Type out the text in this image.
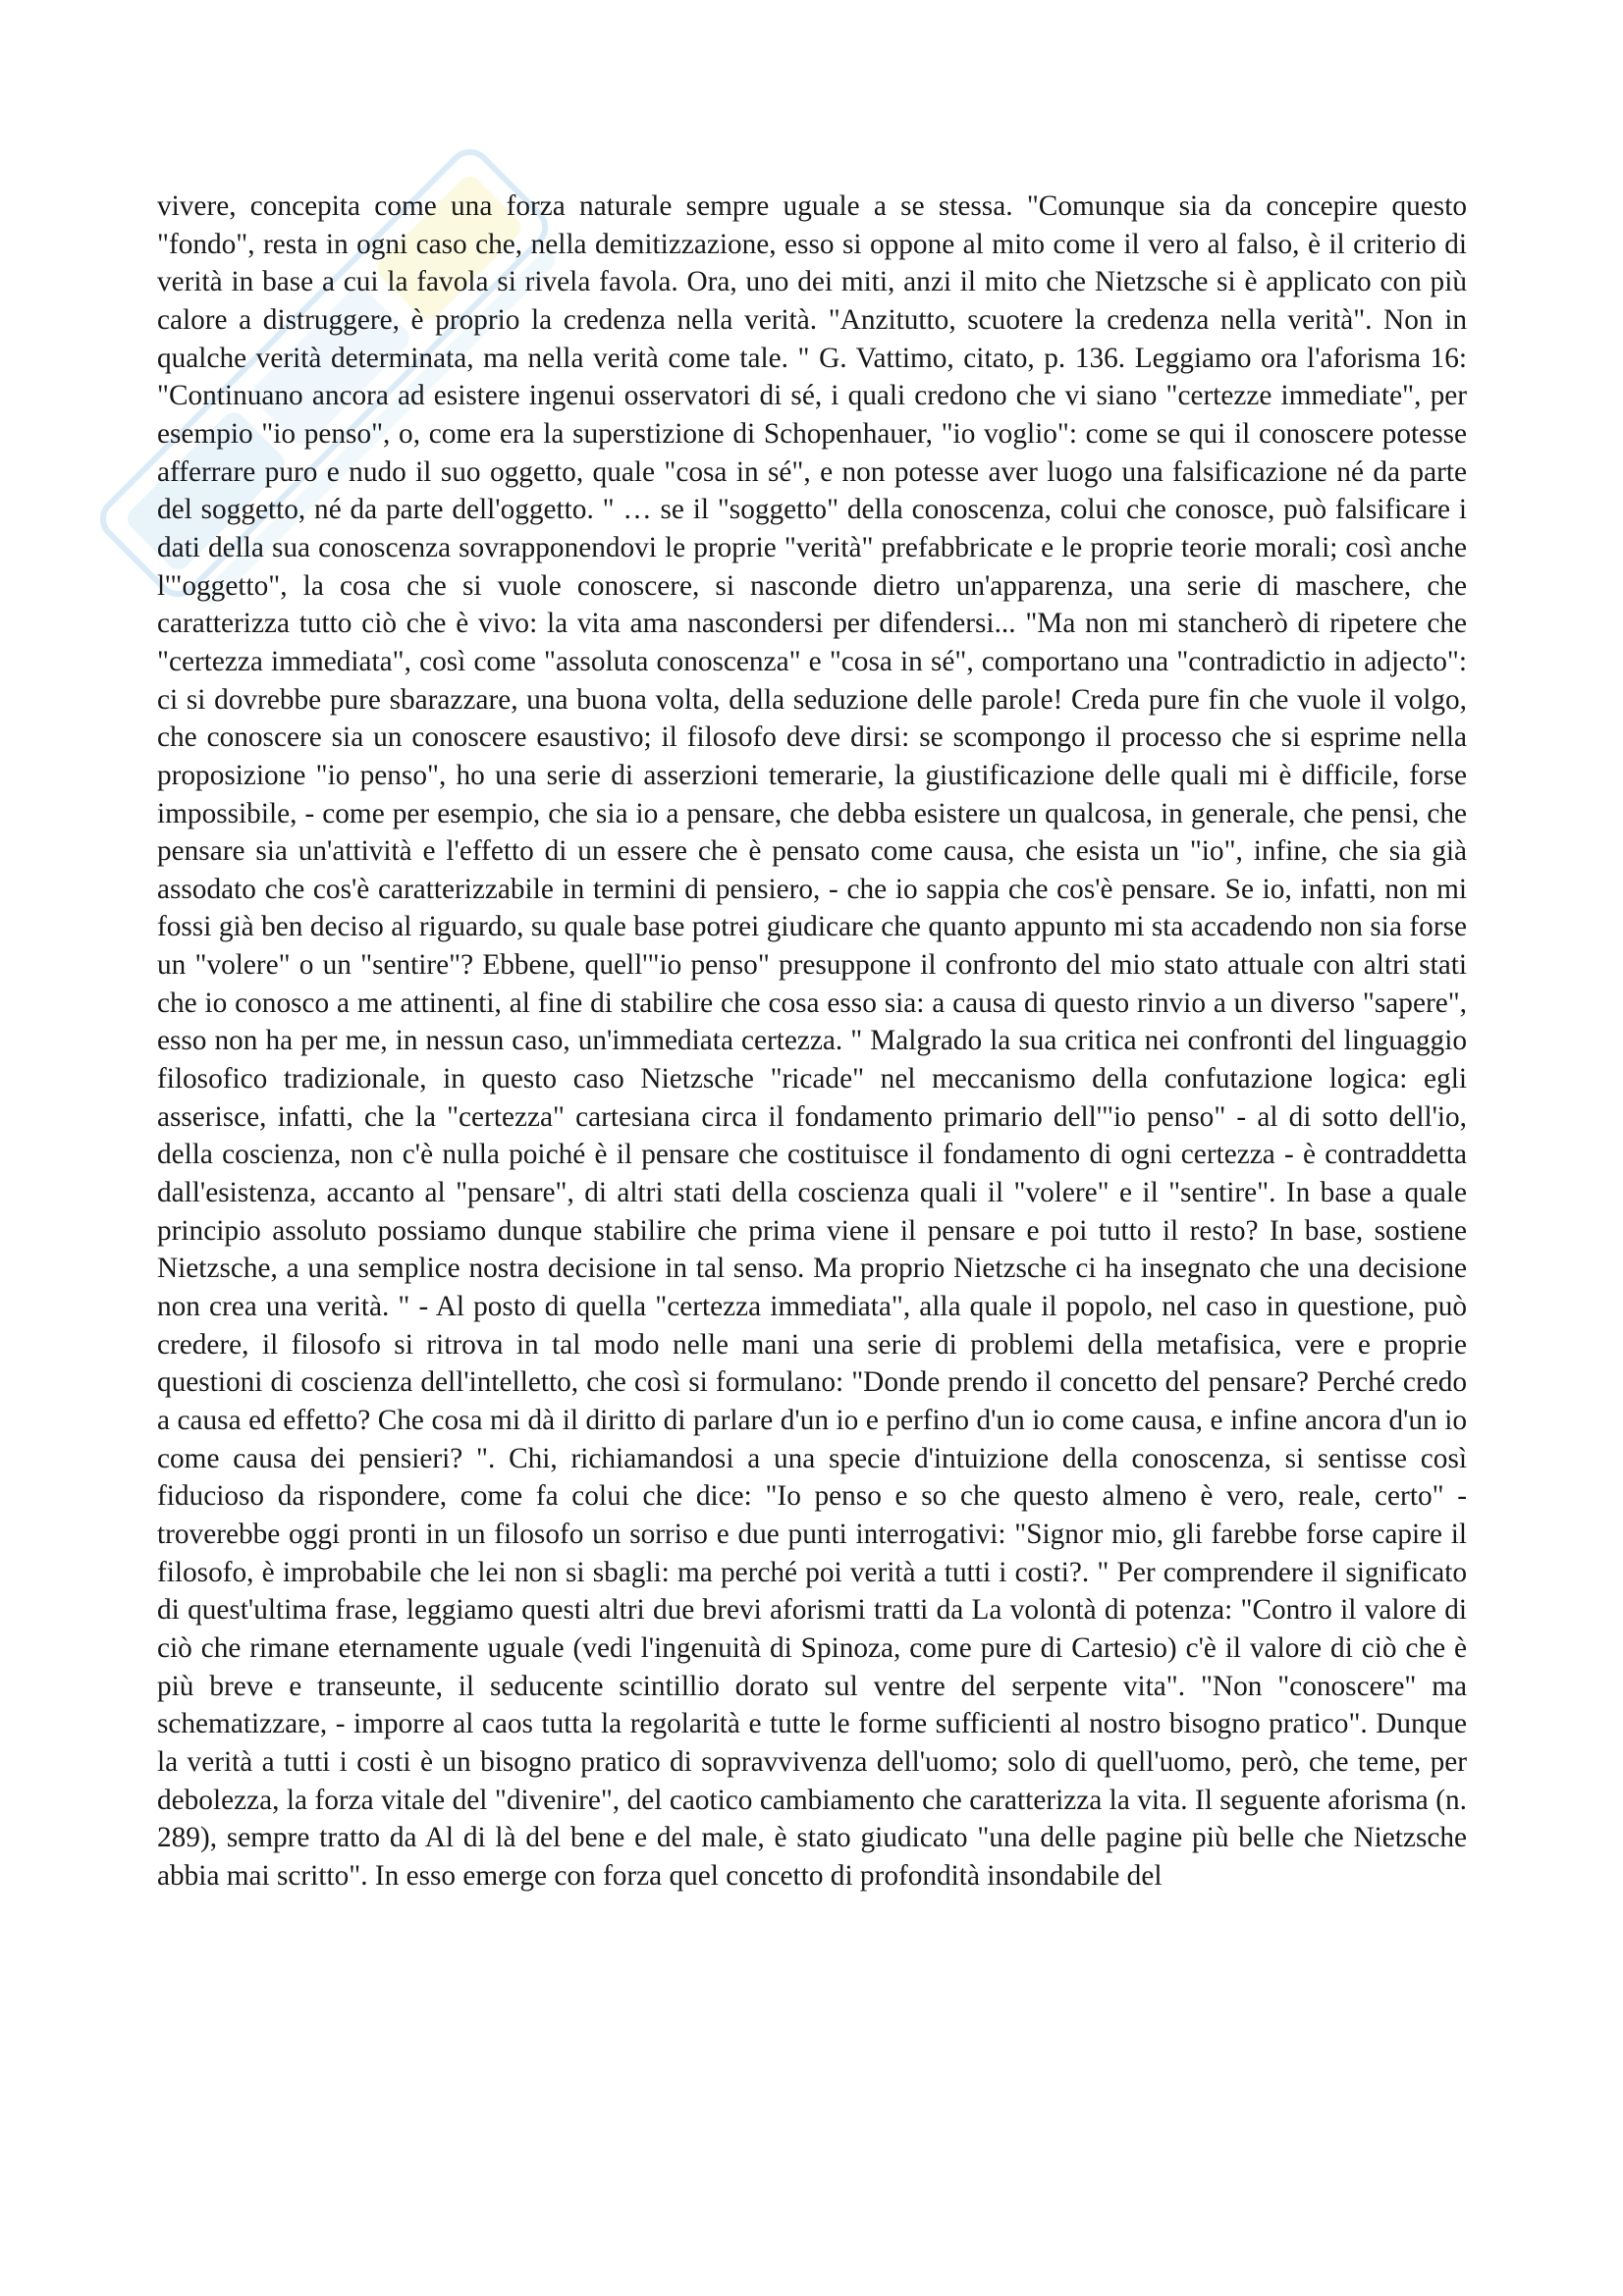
vivere, concepita come una forza naturale sempre uguale a se stessa. "Comunque sia da concepire questo "fondo", resta in ogni caso che, nella demitizzazione, esso si oppone al mito come il vero al falso, è il criterio di verità in base a cui la favola si rivela favola. Ora, uno dei miti, anzi il mito che Nietzsche si è applicato con più calore a distruggere, è proprio la credenza nella verità. "Anzitutto, scuotere la credenza nella verità". Non in qualche verità determinata, ma nella verità come tale. " G. Vattimo, citato, p. 136. Leggiamo ora l'aforisma 16: "Continuano ancora ad esistere ingenui osservatori di sé, i quali credono che vi siano "certezze immediate", per esempio "io penso", o, come era la superstizione di Schopenhauer, "io voglio": come se qui il conoscere potesse afferrare puro e nudo il suo oggetto, quale "cosa in sé", e non potesse aver luogo una falsificazione né da parte del soggetto, né da parte dell'oggetto. " … se il "soggetto" della conoscenza, colui che conosce, può falsificare i dati della sua conoscenza sovrapponendovi le proprie "verità" prefabbricate e le proprie teorie morali; così anche l'"oggetto", la cosa che si vuole conoscere, si nasconde dietro un'apparenza, una serie di maschere, che caratterizza tutto ciò che è vivo: la vita ama nascondersi per difendersi... "Ma non mi stancherò di ripetere che "certezza immediata", così come "assoluta conoscenza" e "cosa in sé", comportano una "contradictio in adjecto": ci si dovrebbe pure sbarazzare, una buona volta, della seduzione delle parole! Creda pure fin che vuole il volgo, che conoscere sia un conoscere esaustivo; il filosofo deve dirsi: se scompongo il processo che si esprime nella proposizione "io penso", ho una serie di asserzioni temerarie, la giustificazione delle quali mi è difficile, forse impossibile, - come per esempio, che sia io a pensare, che debba esistere un qualcosa, in generale, che pensi, che pensare sia un'attività e l'effetto di un essere che è pensato come causa, che esista un "io", infine, che sia già assodato che cos'è caratterizzabile in termini di pensiero, - che io sappia che cos'è pensare. Se io, infatti, non mi fossi già ben deciso al riguardo, su quale base potrei giudicare che quanto appunto mi sta accadendo non sia forse un "volere" o un "sentire"? Ebbene, quell'"io penso" presuppone il confronto del mio stato attuale con altri stati che io conosco a me attinenti, al fine di stabilire che cosa esso sia: a causa di questo rinvio a un diverso "sapere", esso non ha per me, in nessun caso, un'immediata certezza. " Malgrado la sua critica nei confronti del linguaggio filosofico tradizionale, in questo caso Nietzsche "ricade" nel meccanismo della confutazione logica: egli asserisce, infatti, che la "certezza" cartesiana circa il fondamento primario dell'"io penso" - al di sotto dell'io, della coscienza, non c'è nulla poiché è il pensare che costituisce il fondamento di ogni certezza - è contraddetta dall'esistenza, accanto al "pensare", di altri stati della coscienza quali il "volere" e il "sentire". In base a quale principio assoluto possiamo dunque stabilire che prima viene il pensare e poi tutto il resto? In base, sostiene Nietzsche, a una semplice nostra decisione in tal senso. Ma proprio Nietzsche ci ha insegnato che una decisione non crea una verità. " - Al posto di quella "certezza immediata", alla quale il popolo, nel caso in questione, può credere, il filosofo si ritrova in tal modo nelle mani una serie di problemi della metafisica, vere e proprie questioni di coscienza dell'intelletto, che così si formulano: "Donde prendo il concetto del pensare? Perché credo a causa ed effetto? Che cosa mi dà il diritto di parlare d'un io e perfino d'un io come causa, e infine ancora d'un io come causa dei pensieri? ". Chi, richiamandosi a una specie d'intuizione della conoscenza, si sentisse così fiducioso da rispondere, come fa colui che dice: "Io penso e so che questo almeno è vero, reale, certo" -troverebbe oggi pronti in un filosofo un sorriso e due punti interrogativi: "Signor mio, gli farebbe forse capire il filosofo, è improbabile che lei non si sbagli: ma perché poi verità a tutti i costi?. " Per comprendere il significato di quest'ultima frase, leggiamo questi altri due brevi aforismi tratti da La volontà di potenza: "Contro il valore di ciò che rimane eternamente uguale (vedi l'ingenuità di Spinoza, come pure di Cartesio) c'è il valore di ciò che è più breve e transeunte, il seducente scintillio dorato sul ventre del serpente vita". "Non "conoscere" ma schematizzare, - imporre al caos tutta la regolarità e tutte le forme sufficienti al nostro bisogno pratico". Dunque la verità a tutti i costi è un bisogno pratico di sopravvivenza dell'uomo; solo di quell'uomo, però, che teme, per debolezza, la forza vitale del "divenire", del caotico cambiamento che caratterizza la vita. Il seguente aforisma (n. 289), sempre tratto da Al di là del bene e del male, è stato giudicato "una delle pagine più belle che Nietzsche abbia mai scritto". In esso emerge con forza quel concetto di profondità insondabile del
